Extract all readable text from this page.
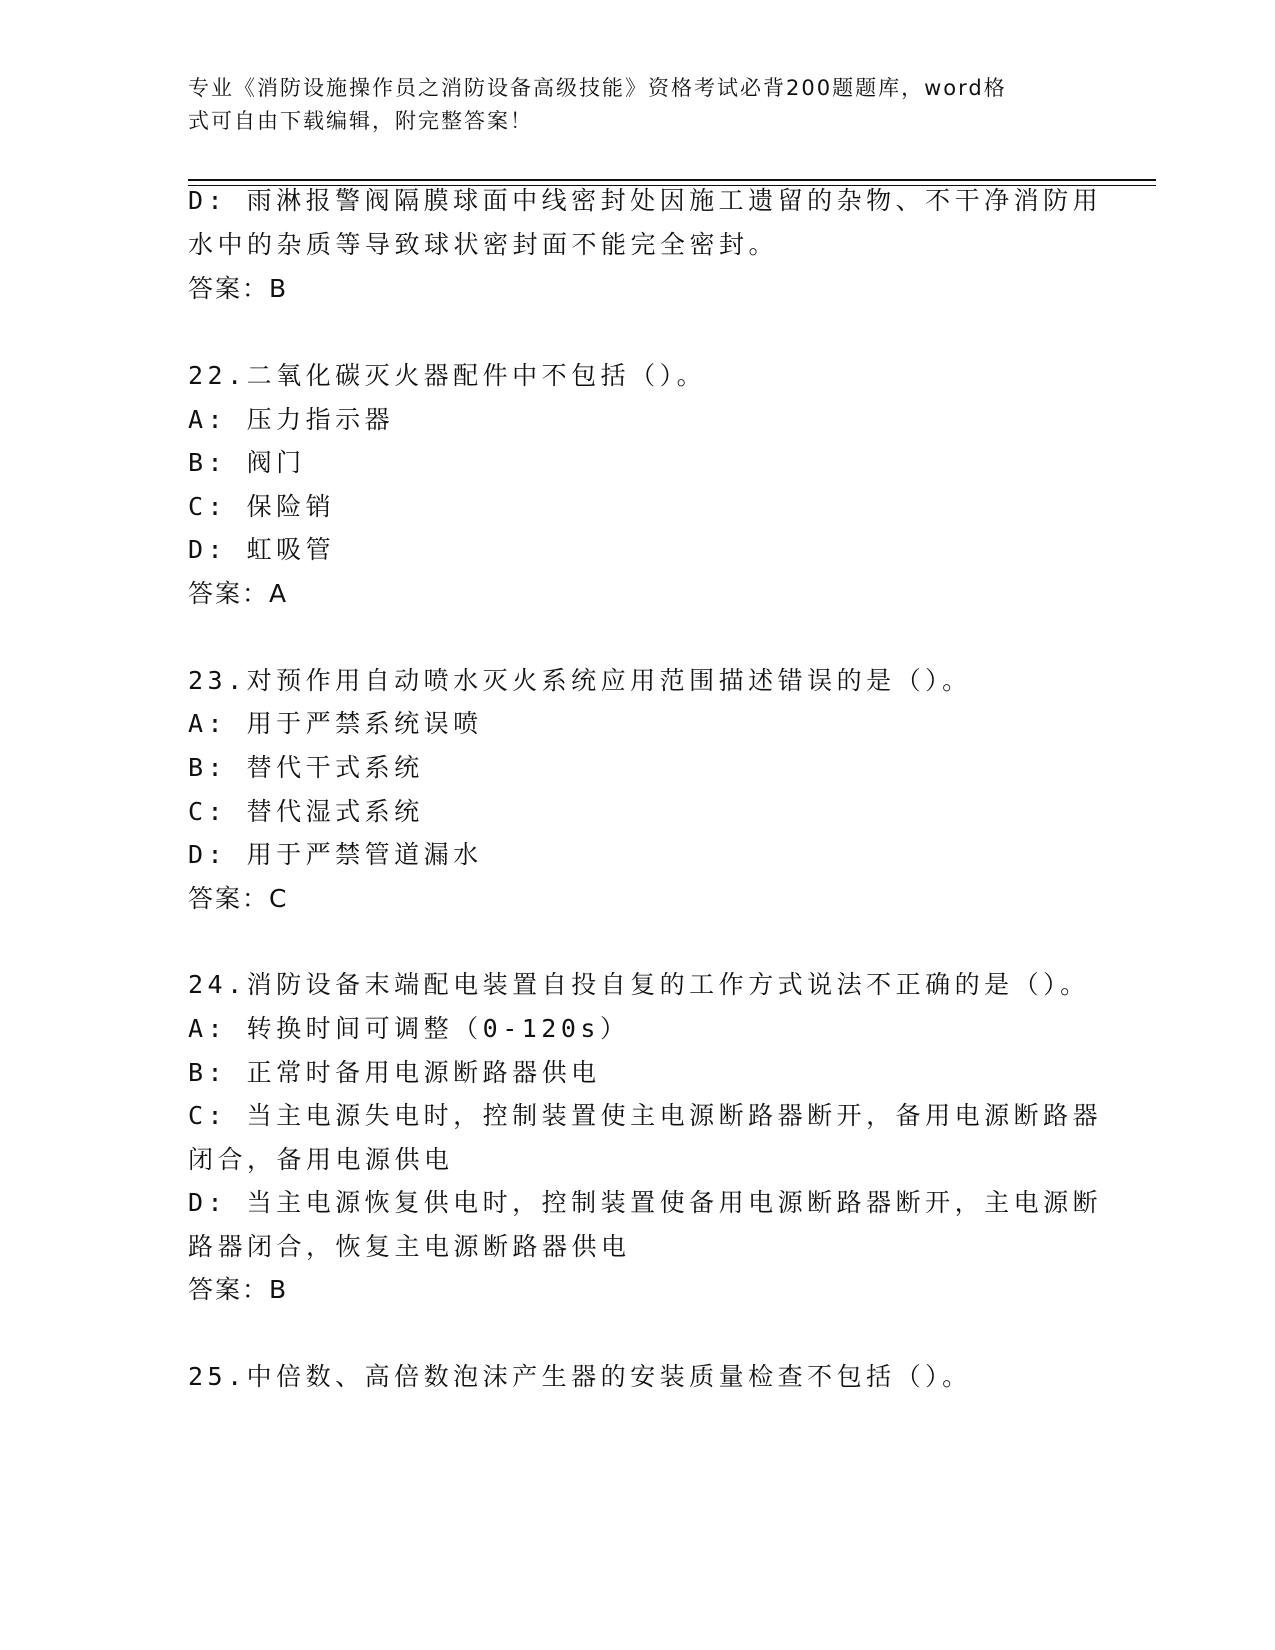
专业《消防设施操作员之消防设备高级技能》资格考试必背200题题库，word格
式可自由下载编辑，附完整答案！
D: 雨淋报警阀隔膜球面中线密封处因施工遗留的杂物、不干净消防用
水中的杂质等导致球状密封面不能完全密封。
答案：B
22.二氧化碳灭火器配件中不包括（）。
A: 压力指示器
B: 阀门
C: 保险销
D: 虹吸管
答案：A
23.对预作用自动喷水灭火系统应用范围描述错误的是（）。
A: 用于严禁系统误喷
B: 替代干式系统
C: 替代湿式系统
D: 用于严禁管道漏水
答案：C
24.消防设备末端配电装置自投自复的工作方式说法不正确的是（）。
A: 转换时间可调整（0-120s）
B: 正常时备用电源断路器供电
C: 当主电源失电时，控制装置使主电源断路器断开，备用电源断路器
闭合，备用电源供电
D: 当主电源恢复供电时，控制装置使备用电源断路器断开，主电源断
路器闭合，恢复主电源断路器供电
答案：B
25.中倍数、高倍数泡沫产生器的安装质量检查不包括（）。
